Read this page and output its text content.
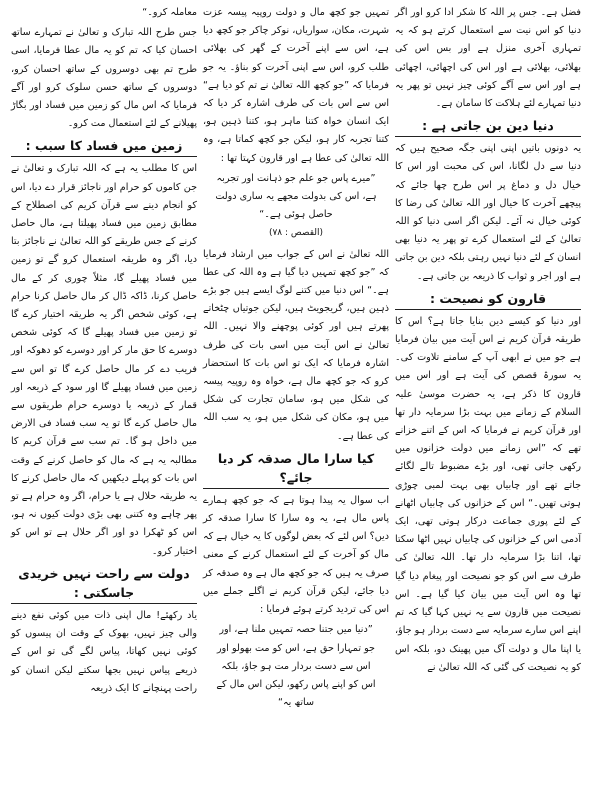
فضل ہے۔ جس پر اللہ کا شکر ادا کرو اور اگر دنیا کو اس نیت سے استعمال کرتے ہو کہ یہ تمہاری آخری منزل ہے اور بس اس کی بھلائی، بھلائی ہے اور اس کی اچھائی، اچھائی ہے اور اس سے آگے کوئی چیز نہیں تو پھر یہ دنیا تمہارے لئے ہلاکت کا سامان ہے۔

دنیا دین بن جاتی ہے :

یہ دونوں باتیں اپنی اپنی جگہ صحیح ہیں کہ دنیا سے دل لگانا، اس کی محبت اور اس کا خیال دل و دماغ پر اس طرح چھا جائے کہ پیچھے آخرت کا خیال اور اللہ تعالیٰ کی رضا کا کوئی خیال نہ آئے۔ لیکن اگر اسی دنیا کو اللہ تعالیٰ کے لئے استعمال کرے تو پھر یہ دنیا بھی انسان کے لئے دنیا نہیں رہتی بلکہ دین بن جاتی ہے اور اجر و ثواب کا ذریعہ بن جاتی ہے۔

قارون کو نصیحت :

اور دنیا کو کیسے دین بنایا جاتا ہے؟ اس کا طریقہ قرآن کریم نے اس آیت میں بیان فرمایا ہے جو میں نے ابھی آپ کے سامنے تلاوت کی۔ یہ سورۃ قصص کی آیت ہے اور اس میں قارون کا ذکر ہے، یہ حضرت موسیٰ علیہ السلام کے زمانے میں بہت بڑا سرمایہ دار تھا اور قرآن کریم نے فرمایا کہ اس کے اتنے خزانے تھے کہ ”اس زمانے میں دولت خزانوں میں رکھی جاتی تھی، اور بڑے مضبوط تالے لگائے جاتے تھے اور چابیاں بھی بہت لمبی چوڑی ہوتی تھیں۔“ اس کے خزانوں کی چابیاں اٹھانے کے لئے پوری جماعت درکار ہوتی تھی، ایک آدمی اس کے خزانوں کی چابیاں نہیں اٹھا سکتا تھا، اتنا بڑا سرمایہ دار تھا۔ اللہ تعالیٰ کی طرف سے اس کو جو نصیحت اور پیغام دیا گیا تھا وہ اس آیت میں بیان کیا گیا ہے۔ اس نصیحت میں قارون سے یہ نہیں کہا گیا کہ تم اپنے اس سارے سرمایہ سے دست بردار ہو جاؤ، یا اپنا مال و دولت آگ میں پھینک دو، بلکہ اس کو یہ نصیحت کی گئی کہ اللہ تعالیٰ نے

تمہیں جو کچھ مال و دولت روپیہ پیسہ عزت شہرت، مکان، سواریاں، نوکر چاکر جو کچھ دیا ہے، اس سے اپنے آخرت کے گھر کی بھلائی طلب کرو، اس سے اپنی آخرت کو بناؤ۔ یہ جو فرمایا کہ ”جو کچھ اللہ تعالیٰ نے تم کو دیا ہے“ اس سے اس بات کی طرف اشارہ کر دیا کہ ایک انسان خواہ کتنا ماہر ہو، کتنا ذہین ہو، کتنا تجربہ کار ہو، لیکن جو کچھ کماتا ہے، وہ اللہ تعالیٰ کی عطا ہے اور قارون کہتا تھا :

”میرے پاس جو علم جو ذہانت اور تجربہ ہے، اس کی بدولت مجھے یہ ساری دولت حاصل ہوئی ہے۔“
(القصص : ۷۸)

اللہ تعالیٰ نے اس کے جواب میں ارشاد فرمایا کہ ”جو کچھ تمہیں دیا گیا ہے وہ اللہ کی عطا ہے۔“ اس دنیا میں کتنے لوگ ایسے ہیں جو بڑے ذہین ہیں، گریجویٹ ہیں، لیکن جوتیاں چٹخاتے پھرتے ہیں اور کوئی پوچھنے والا نہیں۔ اللہ تعالیٰ نے اس آیت میں اسی بات کی طرف اشارہ فرمایا کہ ایک تو اس بات کا استحضار کرو کہ جو کچھ مال ہے، خواہ وہ روپیہ پیسہ کی شکل میں ہو، سامان تجارت کی شکل میں ہو، مکان کی شکل میں ہو، یہ سب اللہ کی عطا ہے۔

کیا سارا مال صدقہ کر دیا جائے؟

اب سوال یہ پیدا ہوتا ہے کہ جو کچھ ہمارے پاس مال ہے، یہ وہ سارا کا سارا صدقہ کر دیں؟ اس لئے کہ بعض لوگوں کا یہ خیال ہے کہ مال کو آخرت کے لئے استعمال کرنے کے معنی صرف یہ ہیں کہ جو کچھ مال ہے وہ صدقہ کر دیا جائے، لیکن قرآن کریم نے اگلے جملے میں اس کی تردید کرتے ہوئے فرمایا :

”دنیا میں جتنا حصہ تمہیں ملنا ہے، اور جو تمہارا حق ہے، اس کو مت بھولو اور اس سے دست بردار مت ہو جاؤ، بلکہ اس کو اپنے پاس رکھو، لیکن اس مال کے ساتھ یہ“

معاملہ کرو۔“

جس طرح اللہ تبارک و تعالیٰ نے تمہارے ساتھ احسان کیا کہ تم کو یہ مال عطا فرمایا، اسی طرح تم بھی دوسروں کے ساتھ احسان کرو، دوسروں کے ساتھ حسن سلوک کرو اور آگے فرمایا کہ اس مال کو زمین میں فساد اور بگاڑ پھیلانے کے لئے استعمال مت کرو۔

زمین میں فساد کا سبب :

اس کا مطلب یہ ہے کہ اللہ تبارک و تعالیٰ نے جن کاموں کو حرام اور ناجائز قرار دے دیا، اس کو انجام دینے سے قرآن کریم کی اصطلاح کے مطابق زمین میں فساد پھیلتا ہے، مال حاصل کرنے کے جس طریقے کو اللہ تعالیٰ نے ناجائز بتا دیا، اگر وہ طریقہ استعمال کرو گے تو زمین میں فساد پھیلے گا، مثلاً چوری کر کے مال حاصل کرنا، ڈاکہ ڈال کر مال حاصل کرنا حرام ہے، کوئی شخص اگر یہ طریقہ اختیار کرے گا تو زمین میں فساد پھیلے گا کہ کوئی شخص دوسرے کا حق مار کر اور دوسرے کو دھوکہ اور فریب دے کر مال حاصل کرے گا تو اس سے زمین میں فساد پھیلے گا اور سود کے ذریعہ اور قمار کے ذریعہ یا دوسرے حرام طریقوں سے مال حاصل کرے گا تو یہ سب فساد فی الارض میں داخل ہو گا۔ تم سب سے قرآن کریم کا مطالبہ یہ ہے کہ مال کو حاصل کرنے کے وقت اس بات کو پہلے دیکھیں کہ مال حاصل کرنے کا یہ طریقہ حلال ہے یا حرام، اگر وہ حرام ہے تو پھر چاہے وہ کتنی بھی بڑی دولت کیوں نہ ہو، اس کو ٹھکرا دو اور اگر حلال ہے تو اس کو اختیار کرو۔

دولت سے راحت نہیں خریدی جاسکتی :

یاد رکھئے! مال اپنی ذات میں کوئی نفع دینے والی چیز نہیں، بھوک کے وقت ان پیسوں کو کوئی نہیں کھاتا، پیاس لگے گی تو اس کے ذریعے پیاس نہیں بجھا سکتے لیکن انسان کو راحت پہنچانے کا ایک ذریعہ
